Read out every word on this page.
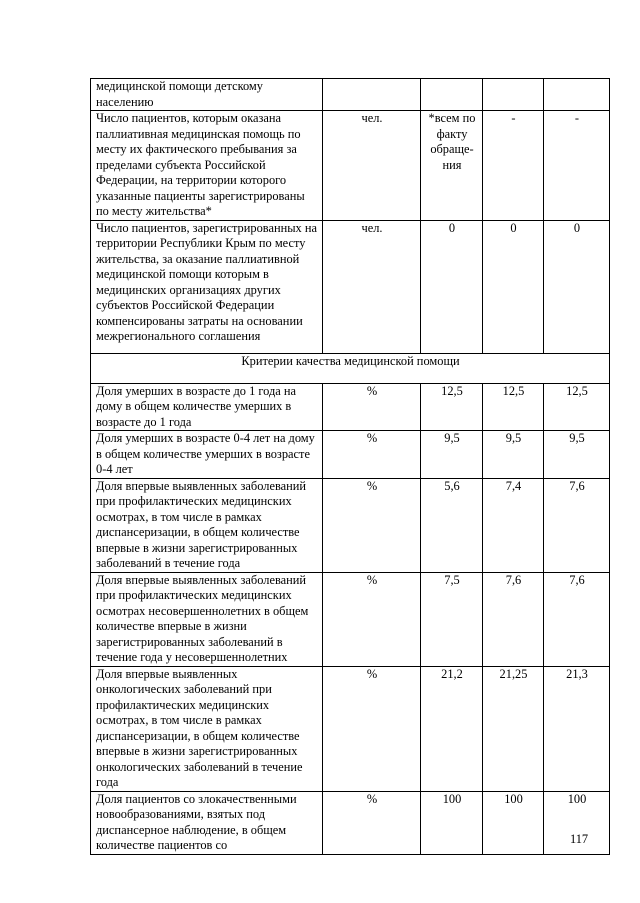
медицинской помощи детскому населению				
Число пациентов, которым оказана паллиативная медицинская помощь по месту их фактического пребывания за пределами субъекта Российской Федерации, на территории которого указанные пациенты зарегистрированы по месту жительства*	чел.	*всем по факту обраще-ния	-	-
Число пациентов, зарегистрированных на территории Республики Крым по месту жительства, за оказание паллиативной медицинской помощи которым в медицинских организациях других субъектов Российской Федерации компенсированы затраты на основании межрегионального соглашения	чел.	0	0	0
Критерии качества медицинской помощи				
Доля умерших в возрасте до 1 года на дому в общем количестве умерших в возрасте до 1 года	%	12,5	12,5	12,5
Доля умерших в возрасте 0-4 лет на дому в общем количестве умерших в возрасте 0-4 лет	%	9,5	9,5	9,5
Доля впервые выявленных заболеваний при профилактических медицинских осмотрах, в том числе в рамках диспансеризации, в общем количестве впервые в жизни зарегистрированных заболеваний в течение года	%	5,6	7,4	7,6
Доля впервые выявленных заболеваний при профилактических медицинских осмотрах несовершеннолетних в общем количестве впервые в жизни зарегистрированных заболеваний в течение года у несовершеннолетних	%	7,5	7,6	7,6
Доля впервые выявленных онкологических заболеваний при профилактических медицинских осмотрах, в том числе в рамках диспансеризации, в общем количестве впервые в жизни зарегистрированных онкологических заболеваний в течение года	%	21,2	21,25	21,3
Доля пациентов со злокачественными новообразованиями, взятых под диспансерное наблюдение, в общем количестве пациентов со	%	100	100	100
117
